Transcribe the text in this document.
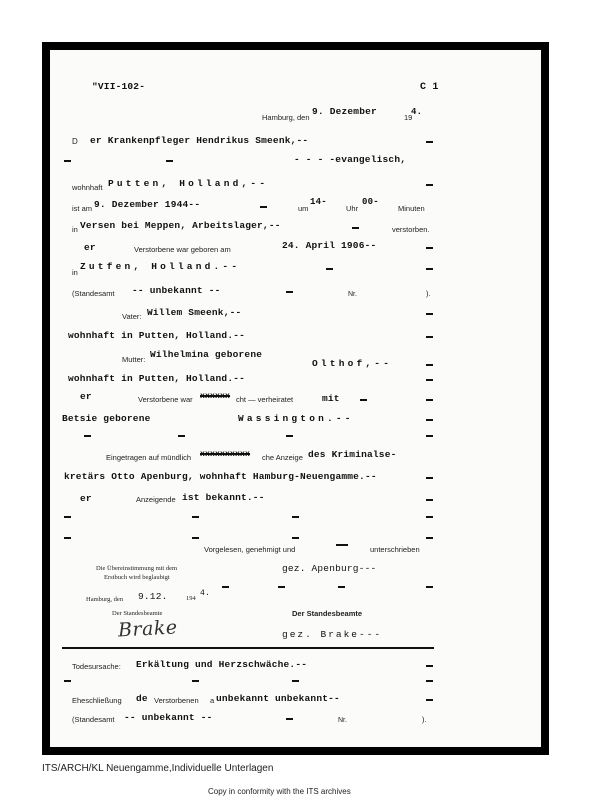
"VII-102-	C 1
Hamburg, den
9. Dezember
19
4.
D er Krankenpfleger Hendrikus Smeenk,--
- - - -evangelisch,
wohnhaft Putten, Holland,--
ist am 9. Dezember 1944--	um
14-
Uhr
00-
Minuten
in Versen bei Meppen, Arbeitslager,--	verstorben.
er	Verstorbene war geboren am	24. April 1906--
in
Zutfen, Holland.--
(Standesamt -- unbekannt --	Nr.	).
Vater: Willem Smeenk,--
wohnhaft in Putten, Holland.--
Mutter: Wilhelmina geborene
Olthof,--
wohnhaft in Putten, Holland.--
er	Verstorbene war xxxxxx cht — verheiratet	mit
Betsie geborene	Wassington.--
Eingetragen auf mündlich xxxxxxxxxx che Anzeige des Kriminalse-
kretärs Otto Apenburg, wohnhaft Hamburg-Neuengamme.--
er	Anzeigende ist bekannt.--
Vorgelesen, genehmigt und	unterschrieben
Die Übereinstimmung mit dem
Erstbuch wird beglaubigt
gez. Apenburg---
Hamburg, den 9.12.	194
4.
Der Standesbeamte	Der Standesbeamte
Brake	gez. Brake---
Todesursache: Erkältung und Herzschwäche.--
Eheschließung de Verstorbenen a unbekannt unbekannt--
(Standesamt -- unbekannt --	Nr.	).
ITS/ARCH/KL Neuengamme,Individuelle Unterlagen
Copy in conformity with the ITS archives
